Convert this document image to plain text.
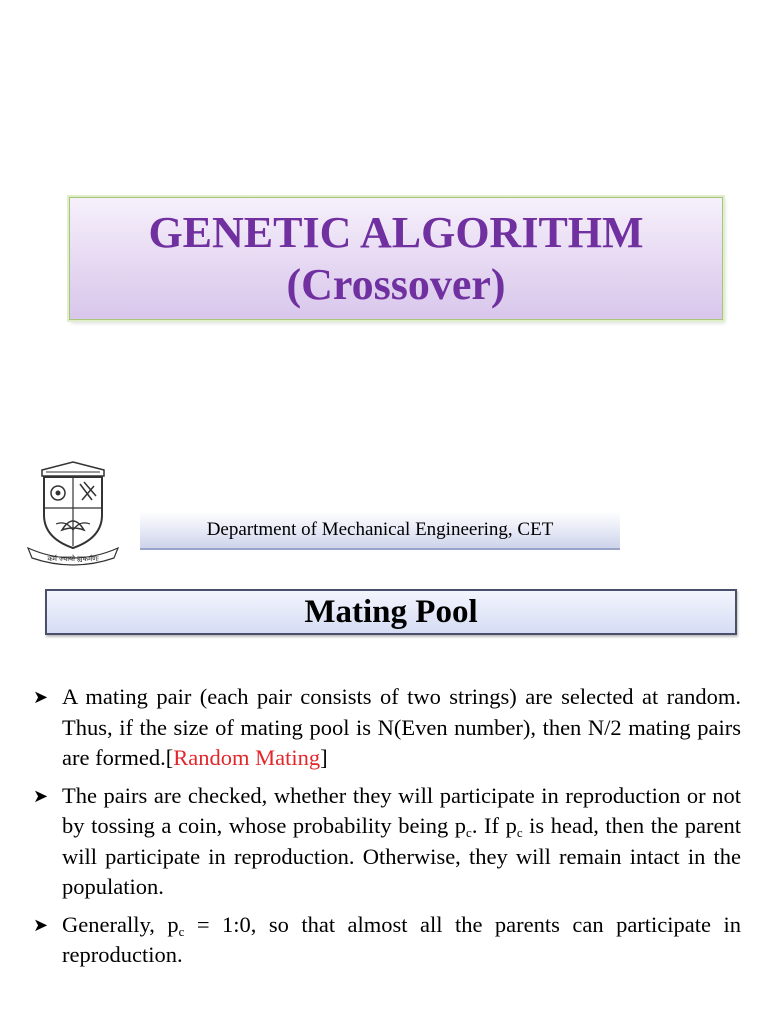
GENETIC ALGORITHM
(Crossover)
कर्म ज्यायो ह्यकर्मणः
Department of Mechanical Engineering, CET
Mating Pool
➤ A mating pair (each pair consists of two strings) are selected at random. Thus, if the size of mating pool is N(Even number), then N/2 mating pairs are formed.[Random Mating]
➤ The pairs are checked, whether they will participate in reproduction or not by tossing a coin, whose probability being $p_c$. If $p_c$ is head, then the parent will participate in reproduction. Otherwise, they will remain intact in the population.
➤ Generally, $p_c$ = 1:0, so that almost all the parents can participate in reproduction.
